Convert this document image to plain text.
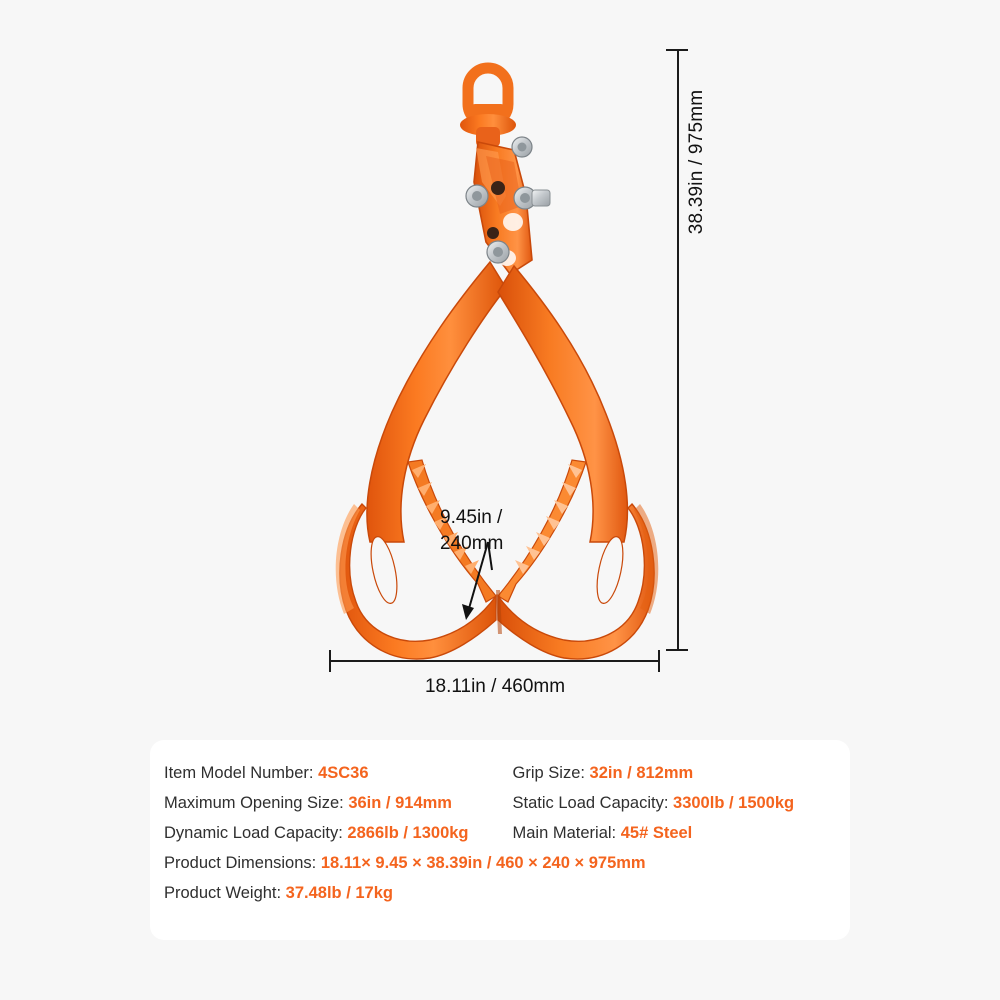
38.39in / 975mm
18.11in / 460mm
9.45in /
240mm
Item Model Number: 4SC36	Grip Size: 32in / 812mm
Maximum Opening Size: 36in / 914mm	Static Load Capacity: 3300lb / 1500kg
Dynamic Load Capacity: 2866lb / 1300kg	Main Material: 45# Steel
Product Dimensions: 18.11× 9.45 × 38.39in / 460 × 240 × 975mm
Product Weight: 37.48lb / 17kg
